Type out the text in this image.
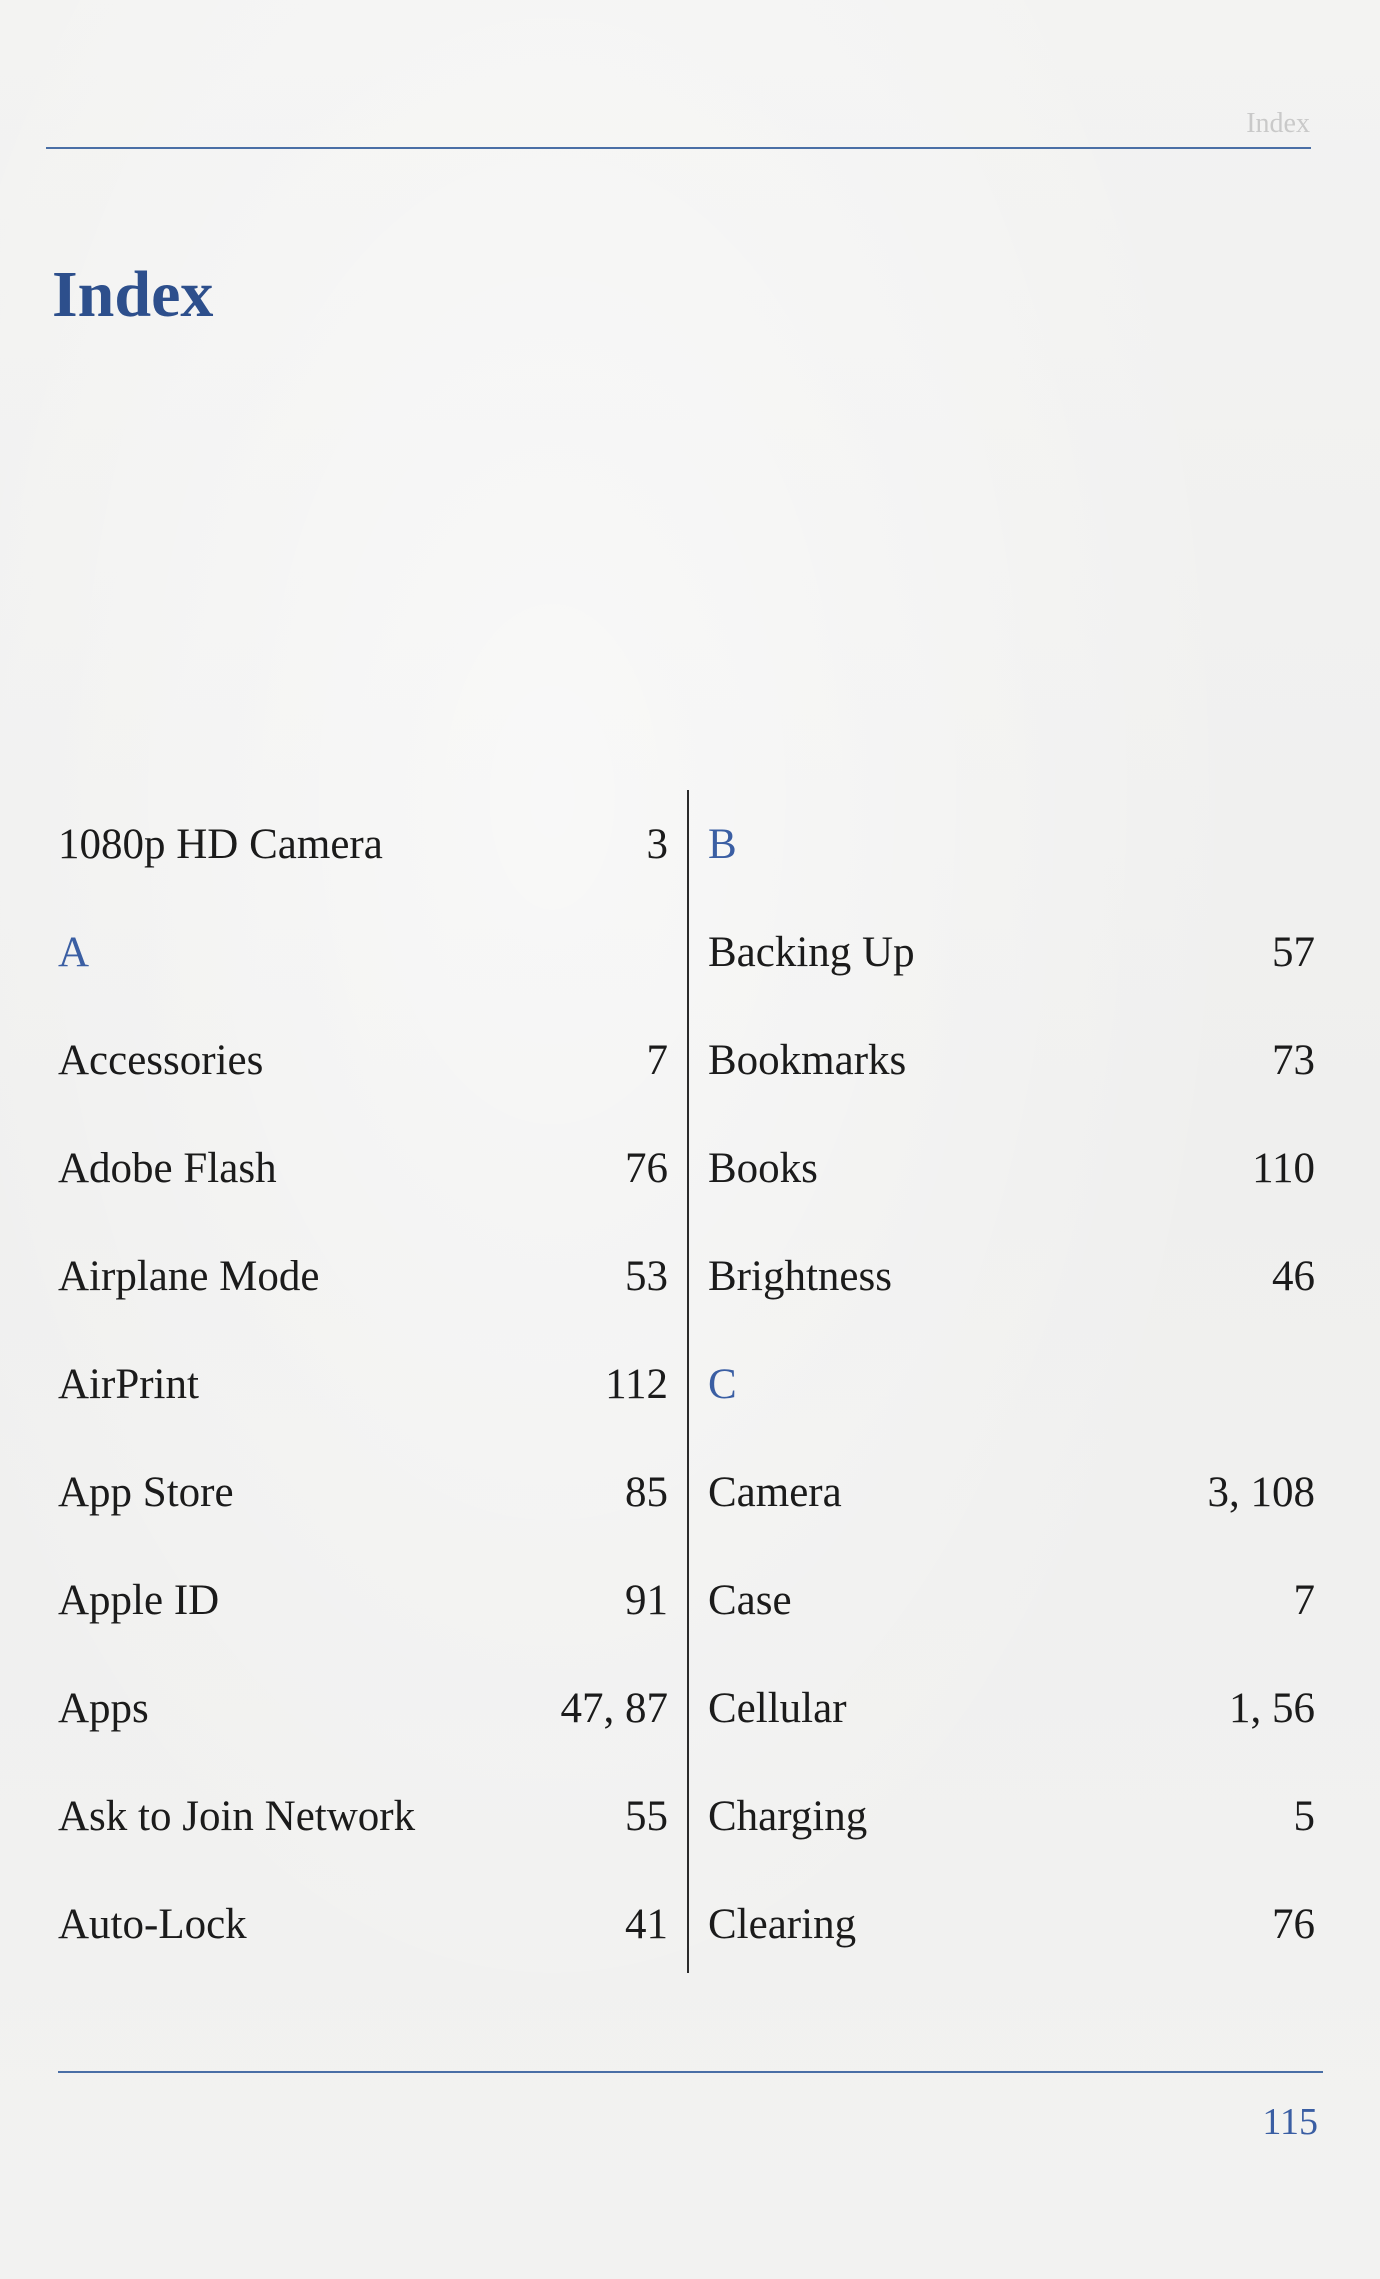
Index
Index
1080p HD Camera	3
A
Accessories	7
Adobe Flash	76
Airplane Mode	53
AirPrint	112
App Store	85
Apple ID	91
Apps	47, 87
Ask to Join Network	55
Auto-Lock	41
B
Backing Up	57
Bookmarks	73
Books	110
Brightness	46
C
Camera	3, 108
Case	7
Cellular	1, 56
Charging	5
Clearing	76
115
